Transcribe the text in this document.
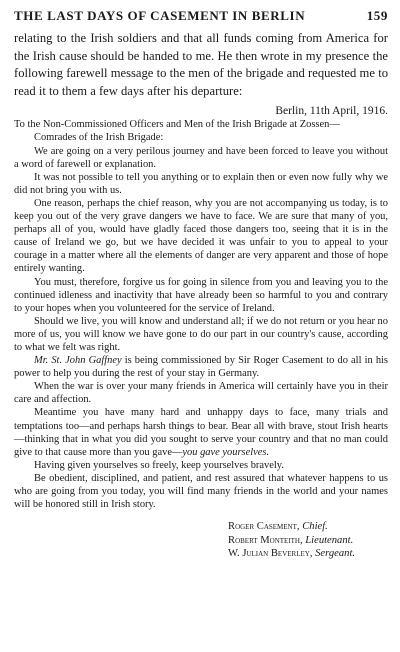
THE LAST DAYS OF CASEMENT IN BERLIN	159

relating to the Irish soldiers and that all funds coming from America for the Irish cause should be handed to me. He then wrote in my presence the following farewell message to the men of the brigade and requested me to read it to them a few days after his departure:

Berlin, 11th April, 1916.

To the Non-Commissioned Officers and Men of the Irish Brigade at Zossen—

Comrades of the Irish Brigade:

We are going on a very perilous journey and have been forced to leave you without a word of farewell or explanation.

It was not possible to tell you anything or to explain then or even now fully why we did not bring you with us.

One reason, perhaps the chief reason, why you are not accompanying us today, is to keep you out of the very grave dangers we have to face. We are sure that many of you, perhaps all of you, would have gladly faced those dangers too, seeing that it is in the cause of Ireland we go, but we have decided it was unfair to you to appeal to your courage in a matter where all the elements of danger are very apparent and those of hope entirely wanting.

You must, therefore, forgive us for going in silence from you and leaving you to the continued idleness and inactivity that have already been so harmful to you and contrary to your hopes when you volunteered for the service of Ireland.

Should we live, you will know and understand all; if we do not return or you hear no more of us, you will know we have gone to do our part in our country's cause, according to what we felt was right.

Mr. St. John Gaffney is being commissioned by Sir Roger Casement to do all in his power to help you during the rest of your stay in Germany.

When the war is over your many friends in America will certainly have you in their care and affection.

Meantime you have many hard and unhappy days to face, many trials and temptations too—and perhaps harsh things to bear. Bear all with brave, stout Irish hearts—thinking that in what you did you sought to serve your country and that no man could give to that cause more than you gave—you gave yourselves.

Having given yourselves so freely, keep yourselves bravely.

Be obedient, disciplined, and patient, and rest assured that whatever happens to us who are going from you today, you will find many friends in the world and your names will be honored still in Irish story.

Roger Casement, Chief.
Robert Monteith, Lieutenant.
W. Julian Beverley, Sergeant.
